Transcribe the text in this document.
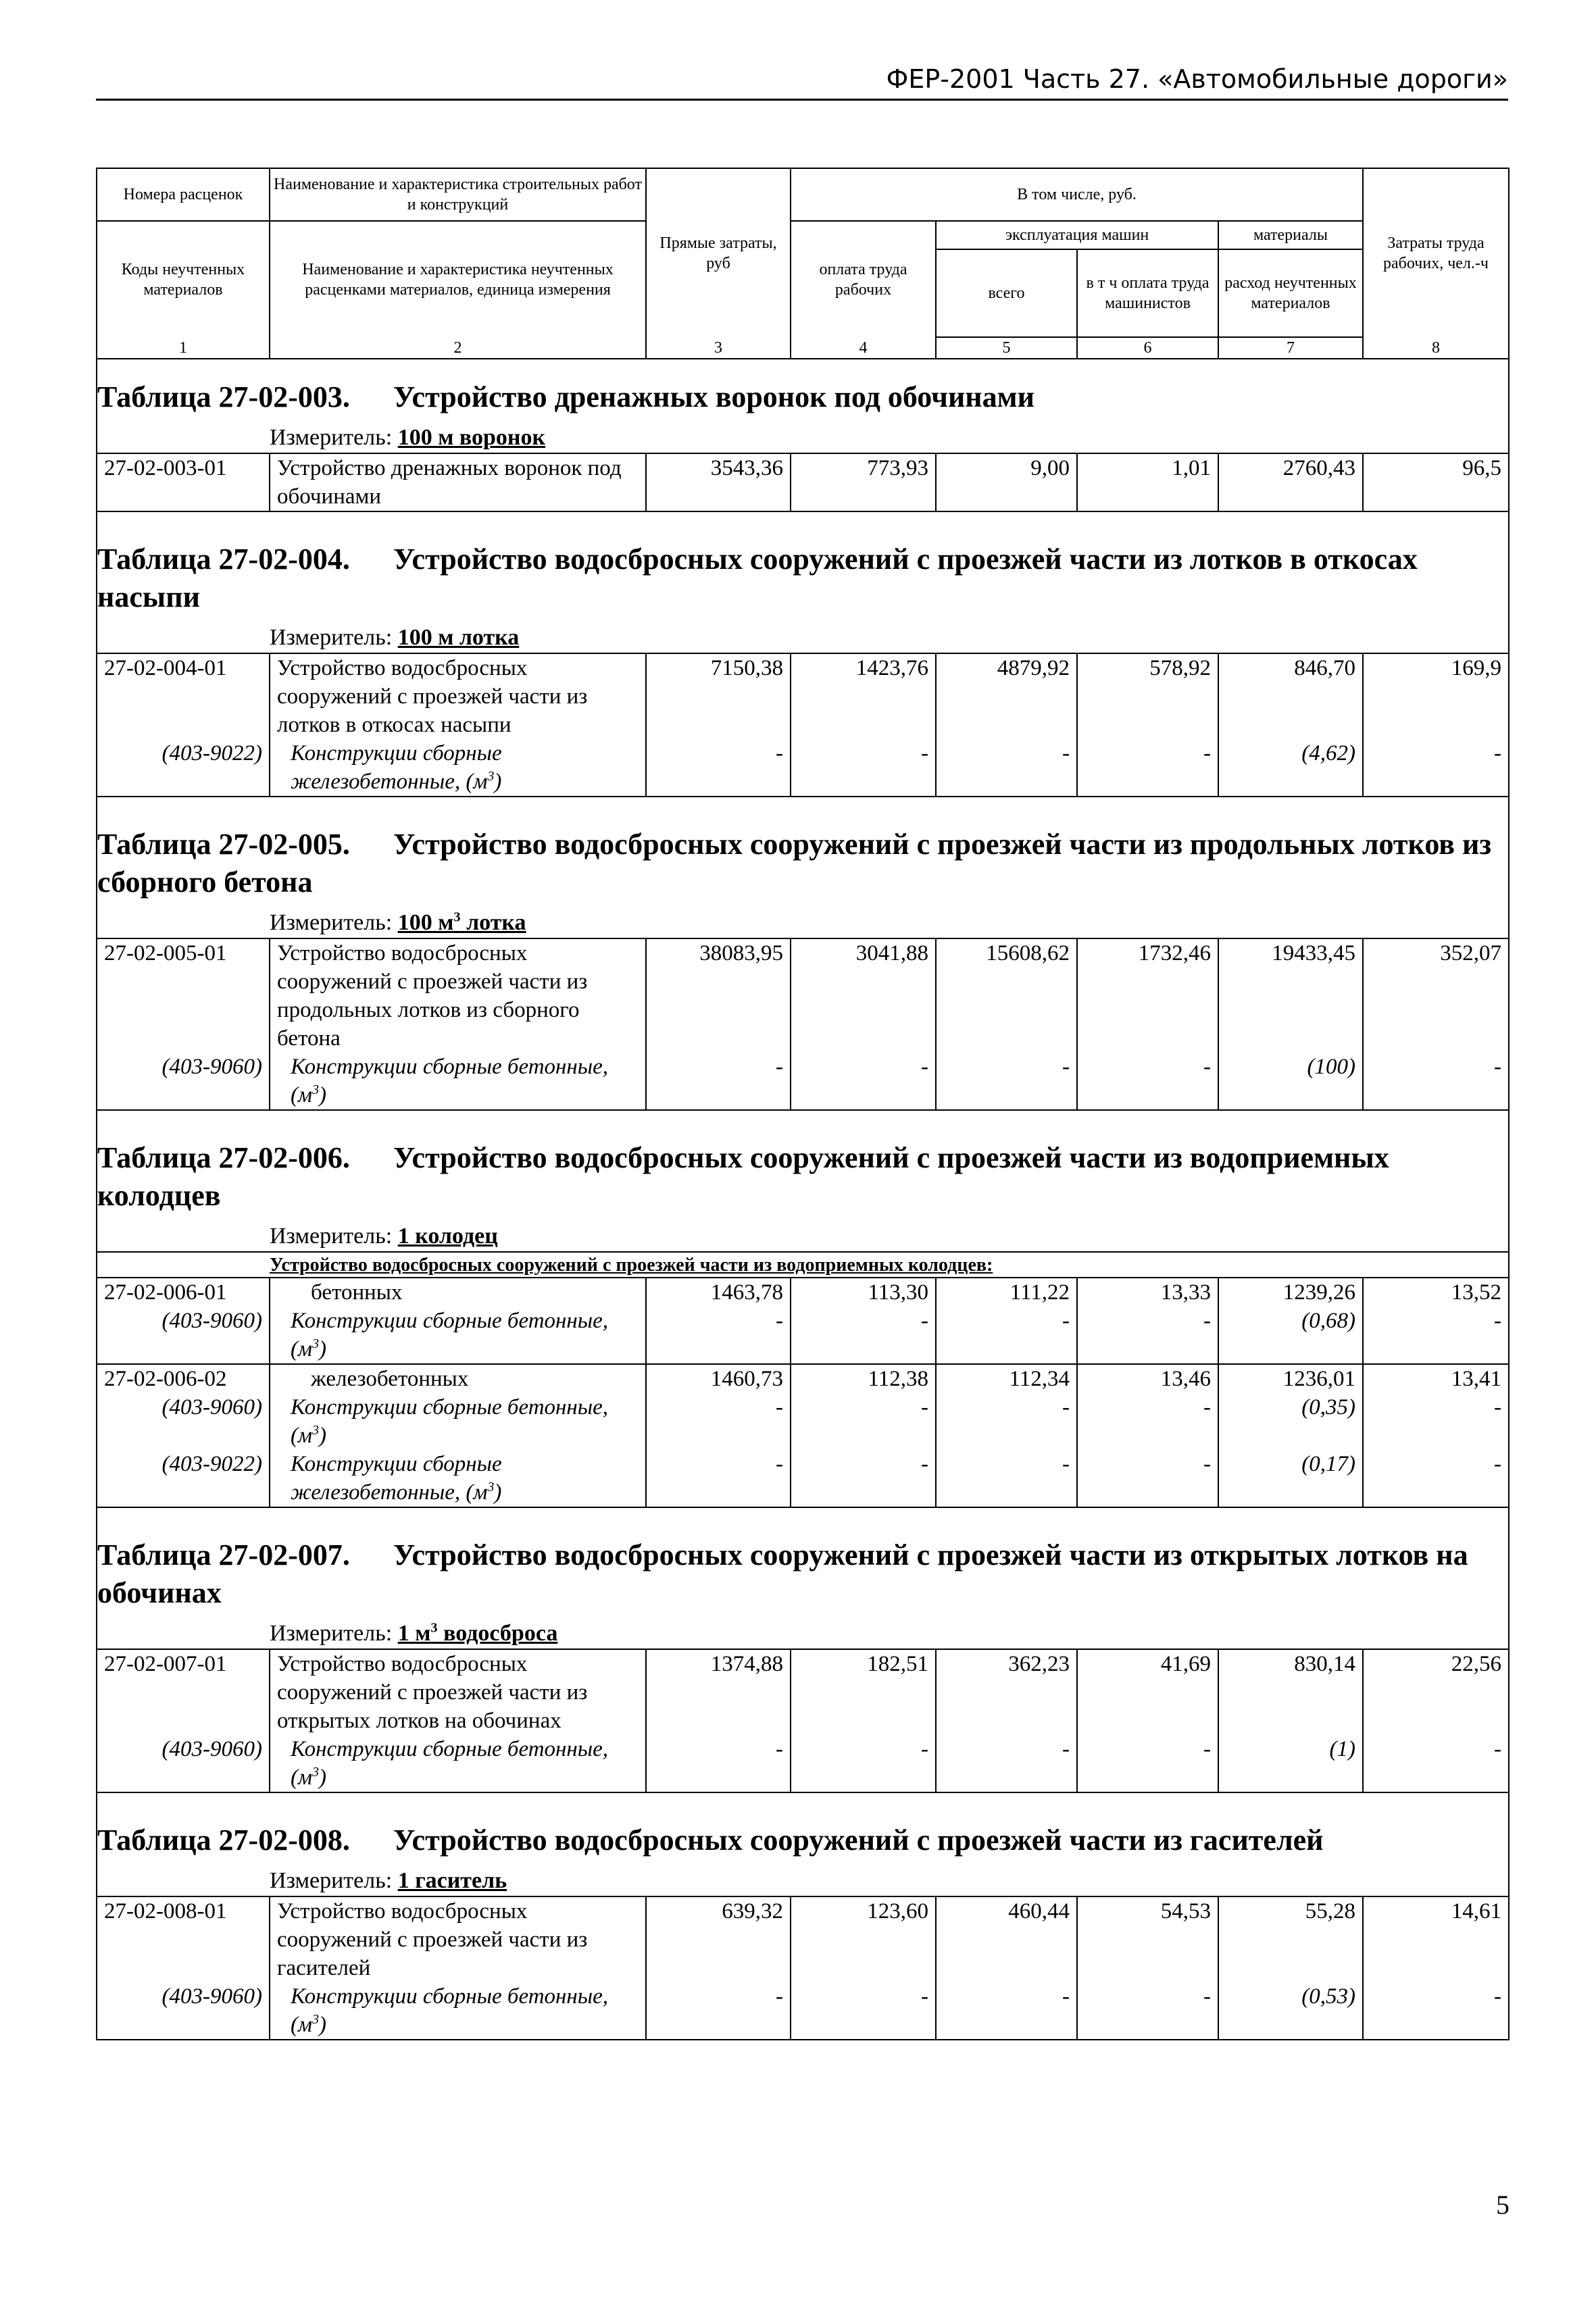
ФЕР-2001 Часть 27. «Автомобильные дороги»
Номера расценок	Наименование и характеристика строительных работ и конструкций	Прямые затраты, руб	В том числе, руб.				Затраты труда рабочих, чел.-ч
Коды неучтенных материалов	Наименование и характеристика неучтенных расценками материалов, единица измерения		оплата труда рабочих	эксплуатация машин		материалы	
				всего	в т ч оплата труда машинистов	расход неучтенных материалов	
1	2	3	4	5	6	7	8
Таблица 27-02-003. Устройство дренажных воронок под обочинами							
	Измеритель: 100 м воронок						
27-02-003-01	Устройство дренажных воронок под обочинами	3543,36	773,93	9,00	1,01	2760,43	96,5
Таблица 27-02-004. Устройство водосбросных сооружений с проезжей части из лотков в откосах насыпи							
	Измеритель: 100 м лотка						
27-02-004-01	Устройство водосбросных сооружений с проезжей части из лотков в откосах насыпи	7150,38	1423,76	4879,92	578,92	846,70	169,9
(403-9022)	Конструкции сборные железобетонные, $(м^3)$	-	-	-	-	(4,62)	-
Таблица 27-02-005. Устройство водосбросных сооружений с проезжей части из продольных лотков из сборного бетона							
	Измеритель: 100 $м^3$ лотка						
27-02-005-01	Устройство водосбросных сооружений с проезжей части из продольных лотков из сборного бетона	38083,95	3041,88	15608,62	1732,46	19433,45	352,07
(403-9060)	Конструкции сборные бетонные, $(м^3)$	-	-	-	-	(100)	-
Таблица 27-02-006. Устройство водосбросных сооружений с проезжей части из водоприемных колодцев							
	Измеритель: 1 колодец						
	Устройство водосбросных сооружений с проезжей части из водоприемных колодцев:						
27-02-006-01	бетонных	1463,78	113,30	111,22	13,33	1239,26	13,52
(403-9060)	Конструкции сборные бетонные, $(м^3)$	-	-	-	-	(0,68)	-
27-02-006-02	железобетонных	1460,73	112,38	112,34	13,46	1236,01	13,41
(403-9060)	Конструкции сборные бетонные, $(м^3)$	-	-	-	-	(0,35)	-
(403-9022)	Конструкции сборные железобетонные, $(м^3)$	-	-	-	-	(0,17)	-
Таблица 27-02-007. Устройство водосбросных сооружений с проезжей части из открытых лотков на обочинах							
	Измеритель: 1 $м^3$ водосброса						
27-02-007-01	Устройство водосбросных сооружений с проезжей части из открытых лотков на обочинах	1374,88	182,51	362,23	41,69	830,14	22,56
(403-9060)	Конструкции сборные бетонные, $(м^3)$	-	-	-	-	(1)	-
Таблица 27-02-008. Устройство водосбросных сооружений с проезжей части из гасителей							
	Измеритель: 1 гаситель						
27-02-008-01	Устройство водосбросных сооружений с проезжей части из гасителей	639,32	123,60	460,44	54,53	55,28	14,61
(403-9060)	Конструкции сборные бетонные, $(м^3)$	-	-	-	-	(0,53)	-
5
